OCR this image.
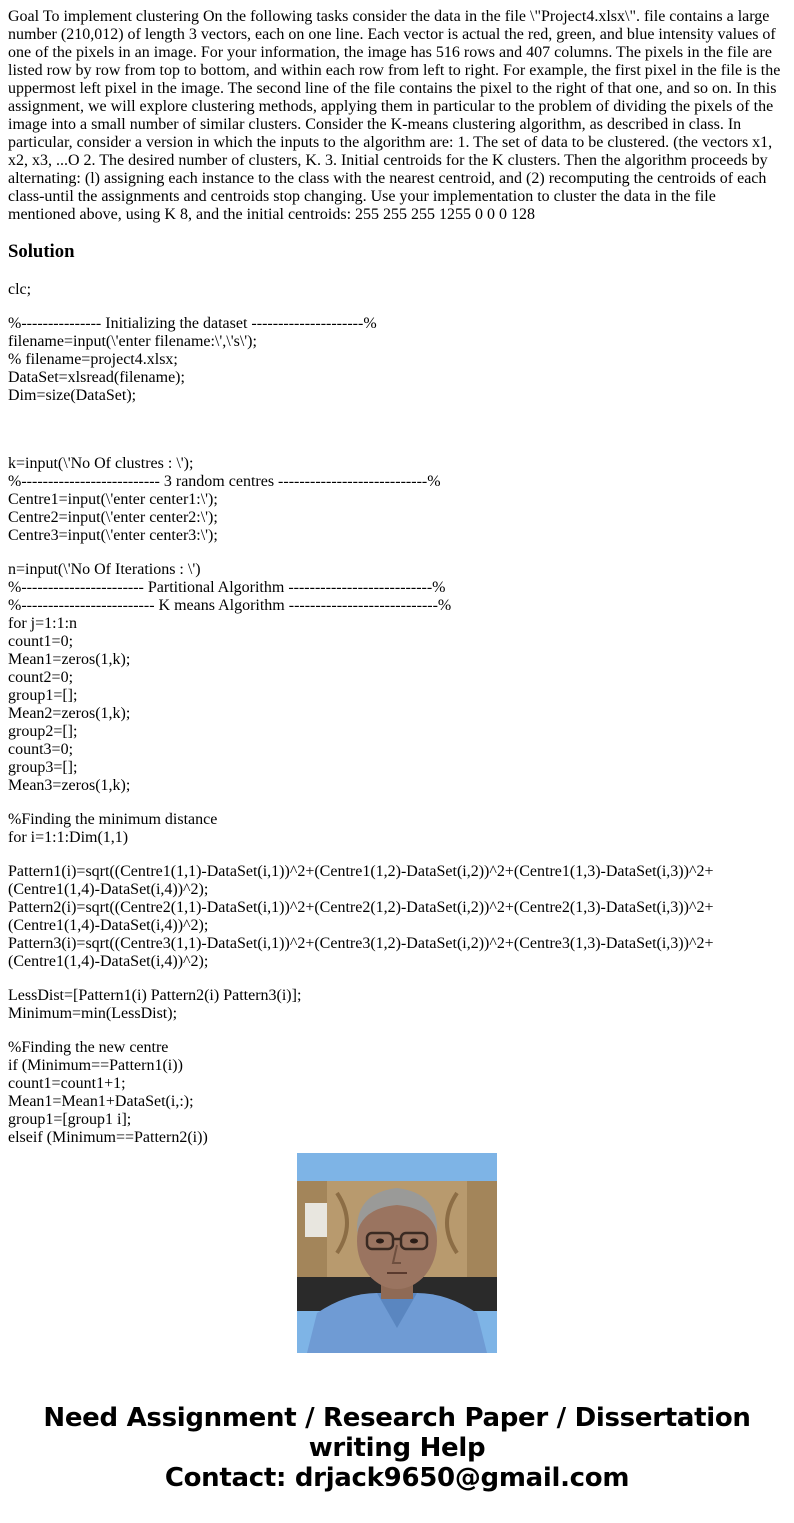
Goal To implement clustering On the following tasks consider the data in the file \"Project4.xlsx\". file contains a large number (210,012) of length 3 vectors, each on one line. Each vector is actual the red, green, and blue intensity values of one of the pixels in an image. For your information, the image has 516 rows and 407 columns. The pixels in the file are listed row by row from top to bottom, and within each row from left to right. For example, the first pixel in the file is the uppermost left pixel in the image. The second line of the file contains the pixel to the right of that one, and so on. In this assignment, we will explore clustering methods, applying them in particular to the problem of dividing the pixels of the image into a small number of similar clusters. Consider the K-means clustering algorithm, as described in class. In particular, consider a version in which the inputs to the algorithm are: 1. The set of data to be clustered. (the vectors x1, x2, x3, ...O 2. The desired number of clusters, K. 3. Initial centroids for the K clusters. Then the algorithm proceeds by alternating: (l) assigning each instance to the class with the nearest centroid, and (2) recomputing the centroids of each class-until the assignments and centroids stop changing. Use your implementation to cluster the data in the file mentioned above, using K 8, and the initial centroids: 255 255 255 1255 0 0 0 128

Solution
clc;
%--------------- Initializing the dataset ---------------------%
filename=input(\'enter filename:\',\'s\');
% filename=project4.xlsx;
DataSet=xlsread(filename);
Dim=size(DataSet);
k=input(\'No Of clustres : \');
%-------------------------- 3 random centres ----------------------------%
Centre1=input(\'enter center1:\');
Centre2=input(\'enter center2:\');
Centre3=input(\'enter center3:\');
n=input(\'No Of Iterations : \')
%----------------------- Partitional Algorithm ---------------------------%
%------------------------- K means Algorithm ----------------------------%
for j=1:1:n
count1=0;
Mean1=zeros(1,k);
count2=0;
group1=[];
Mean2=zeros(1,k);
group2=[];
count3=0;
group3=[];
Mean3=zeros(1,k);
%Finding the minimum distance
for i=1:1:Dim(1,1)
Pattern1(i)=sqrt((Centre1(1,1)-DataSet(i,1))^2+(Centre1(1,2)-DataSet(i,2))^2+(Centre1(1,3)-DataSet(i,3))^2+(Centre1(1,4)-DataSet(i,4))^2);
Pattern2(i)=sqrt((Centre2(1,1)-DataSet(i,1))^2+(Centre2(1,2)-DataSet(i,2))^2+(Centre2(1,3)-DataSet(i,3))^2+(Centre1(1,4)-DataSet(i,4))^2);
Pattern3(i)=sqrt((Centre3(1,1)-DataSet(i,1))^2+(Centre3(1,2)-DataSet(i,2))^2+(Centre3(1,3)-DataSet(i,3))^2+(Centre1(1,4)-DataSet(i,4))^2);
LessDist=[Pattern1(i) Pattern2(i) Pattern3(i)];
Minimum=min(LessDist);
%Finding the new centre
if (Minimum==Pattern1(i))
count1=count1+1;
Mean1=Mean1+DataSet(i,:);
group1=[group1 i];
elseif (Minimum==Pattern2(i))
Need Assignment / Research Paper / Dissertation
writing Help
Contact: drjack9650@gmail.com
